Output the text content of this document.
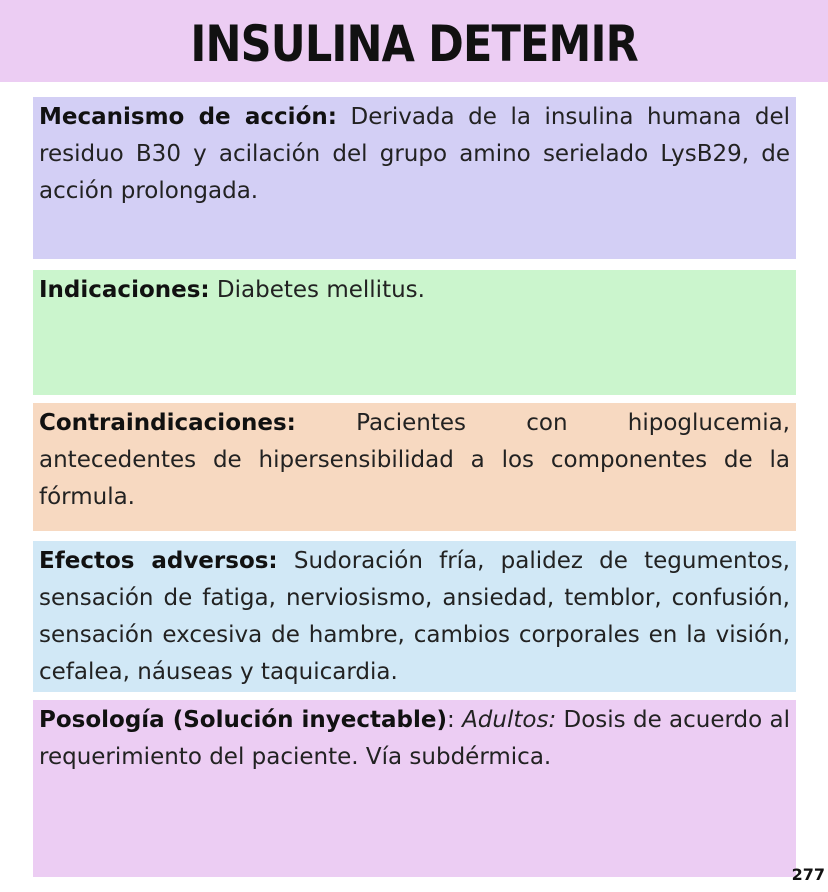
INSULINA DETEMIR
Mecanismo de acción: Derivada de la insulina humana del residuo B30 y acilación del grupo amino serielado LysB29, de acción prolongada.
Indicaciones: Diabetes mellitus.
Contraindicaciones: Pacientes con hipoglucemia, antecedentes de hipersensibilidad a los componentes de la fórmula.
Efectos adversos: Sudoración fría, palidez de tegumentos, sensación de fatiga, nerviosismo, ansiedad, temblor, confusión, sensación excesiva de hambre, cambios corporales en la visión, cefalea, náuseas y taquicardia.
Posología (Solución inyectable): Adultos: Dosis de acuerdo al requerimiento del paciente. Vía subdérmica.
277
